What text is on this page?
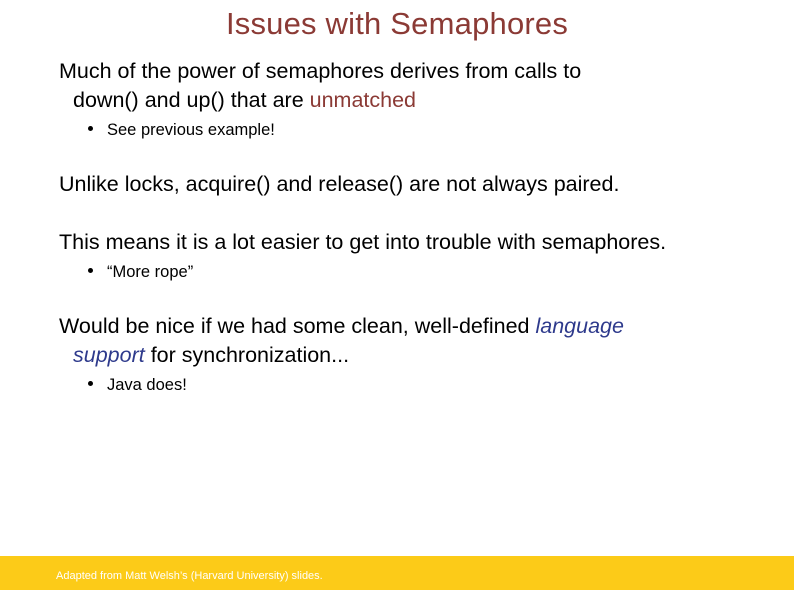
Issues with Semaphores
Much of the power of semaphores derives from calls to
down() and up() that are unmatched
See previous example!
Unlike locks, acquire() and release() are not always paired.
This means it is a lot easier to get into trouble with semaphores.
“More rope”
Would be nice if we had some clean, well-defined language
support for synchronization...
Java does!
Adapted from Matt Welsh’s (Harvard University) slides.
